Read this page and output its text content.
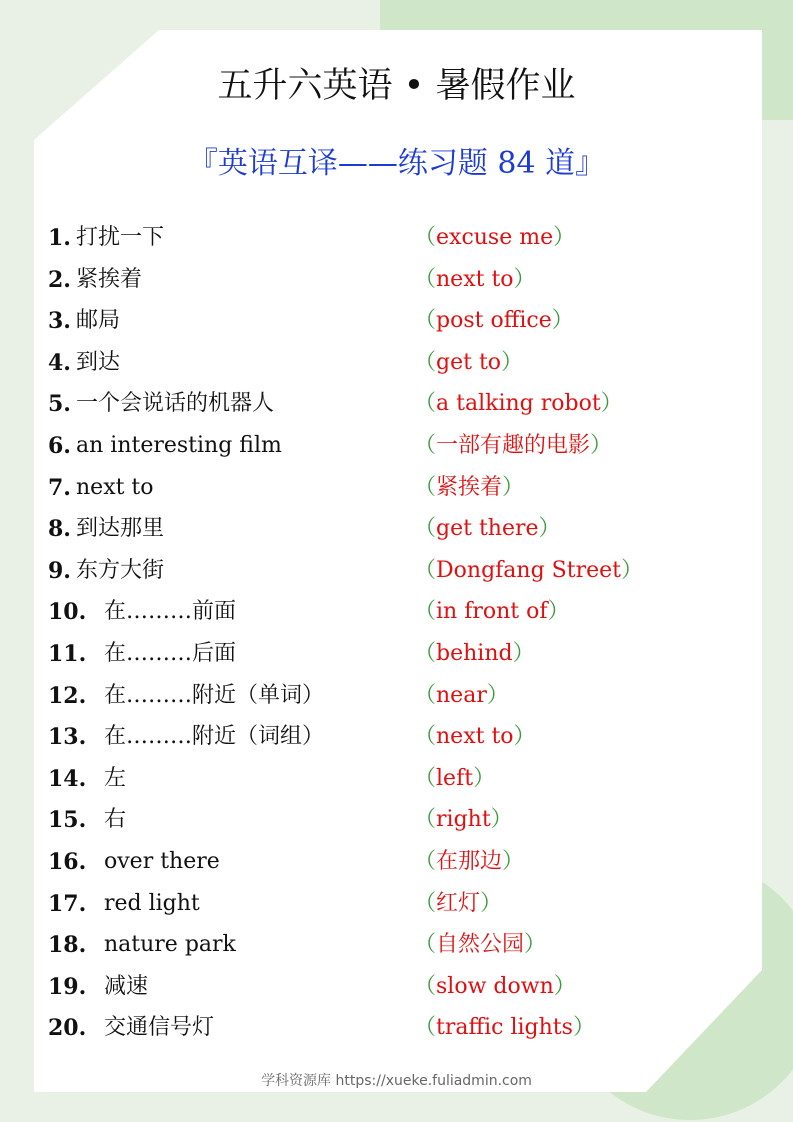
五升六英语 • 暑假作业
『英语互译——练习题 84 道』
1. 打扰一下	（excuse me）
2. 紧挨着	（next to）
3. 邮局	（post office）
4. 到达	（get to）
5. 一个会说话的机器人	（a talking robot）
6. an interesting film	（一部有趣的电影）
7. next to	（紧挨着）
8. 到达那里	（get there）
9. 东方大街	（Dongfang Street）
10. 在………前面	（in front of）
11. 在………后面	（behind）
12. 在………附近（单词）	（near）
13. 在………附近（词组）	（next to）
14. 左	（left）
15. 右	（right）
16. over there	（在那边）
17. red light	（红灯）
18. nature park	（自然公园）
19. 减速	（slow down）
20. 交通信号灯	（traffic lights）
学科资源库 https://xueke.fuliadmin.com
